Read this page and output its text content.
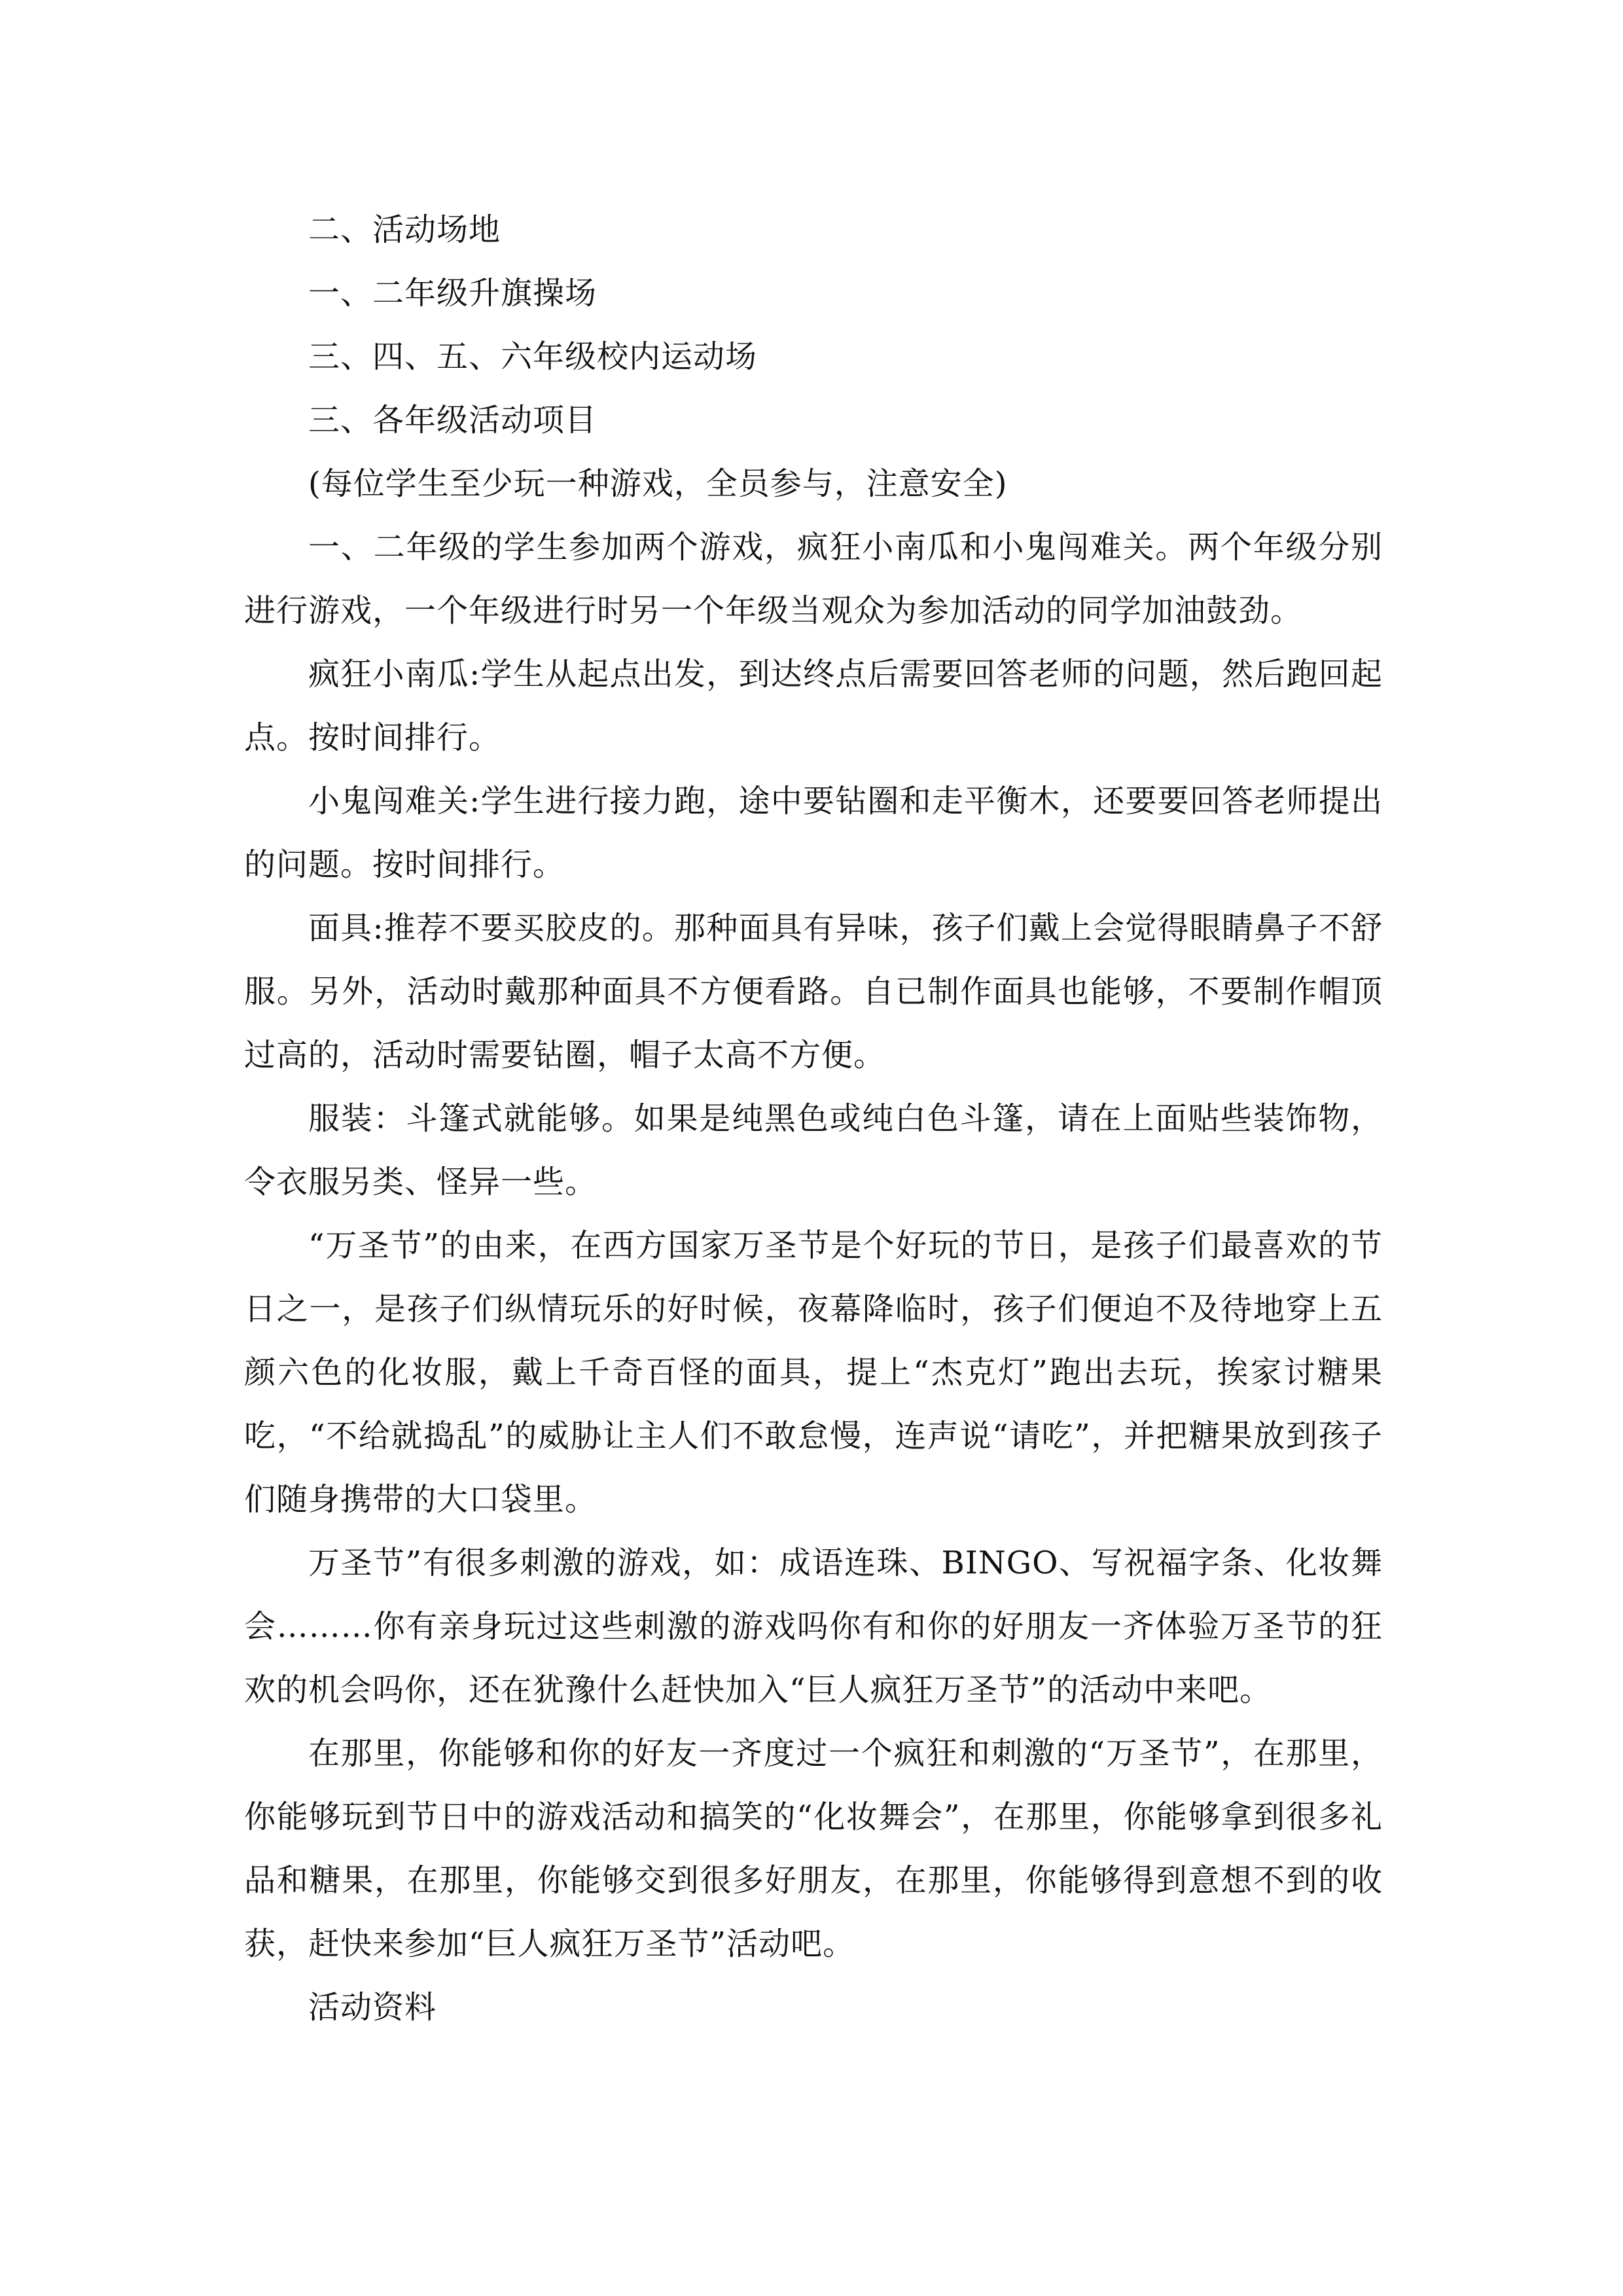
二、活动场地

一、二年级升旗操场

三、四、五、六年级校内运动场

三、各年级活动项目

(每位学生至少玩一种游戏，全员参与，注意安全)

一、二年级的学生参加两个游戏，疯狂小南瓜和小鬼闯难关。两个年级分别进行游戏，一个年级进行时另一个年级当观众为参加活动的同学加油鼓劲。

疯狂小南瓜:学生从起点出发，到达终点后需要回答老师的问题，然后跑回起点。按时间排行。

小鬼闯难关:学生进行接力跑，途中要钻圈和走平衡木，还要要回答老师提出的问题。按时间排行。

面具:推荐不要买胶皮的。那种面具有异味，孩子们戴上会觉得眼睛鼻子不舒服。另外，活动时戴那种面具不方便看路。自已制作面具也能够，不要制作帽顶过高的，活动时需要钻圈，帽子太高不方便。

服装：斗篷式就能够。如果是纯黑色或纯白色斗篷，请在上面贴些装饰物，令衣服另类、怪异一些。

“万圣节”的由来，在西方国家万圣节是个好玩的节日，是孩子们最喜欢的节日之一，是孩子们纵情玩乐的好时候，夜幕降临时，孩子们便迫不及待地穿上五颜六色的化妆服，戴上千奇百怪的面具，提上“杰克灯”跑出去玩，挨家讨糖果吃，“不给就捣乱”的威胁让主人们不敢怠慢，连声说“请吃”，并把糖果放到孩子们随身携带的大口袋里。

万圣节”有很多刺激的游戏，如：成语连珠、BINGO、写祝福字条、化妆舞会………你有亲身玩过这些刺激的游戏吗你有和你的好朋友一齐体验万圣节的狂欢的机会吗你，还在犹豫什么赶快加入“巨人疯狂万圣节”的活动中来吧。

在那里，你能够和你的好友一齐度过一个疯狂和刺激的“万圣节”，在那里，你能够玩到节日中的游戏活动和搞笑的“化妆舞会”，在那里，你能够拿到很多礼品和糖果，在那里，你能够交到很多好朋友，在那里，你能够得到意想不到的收获，赶快来参加“巨人疯狂万圣节”活动吧。

活动资料
